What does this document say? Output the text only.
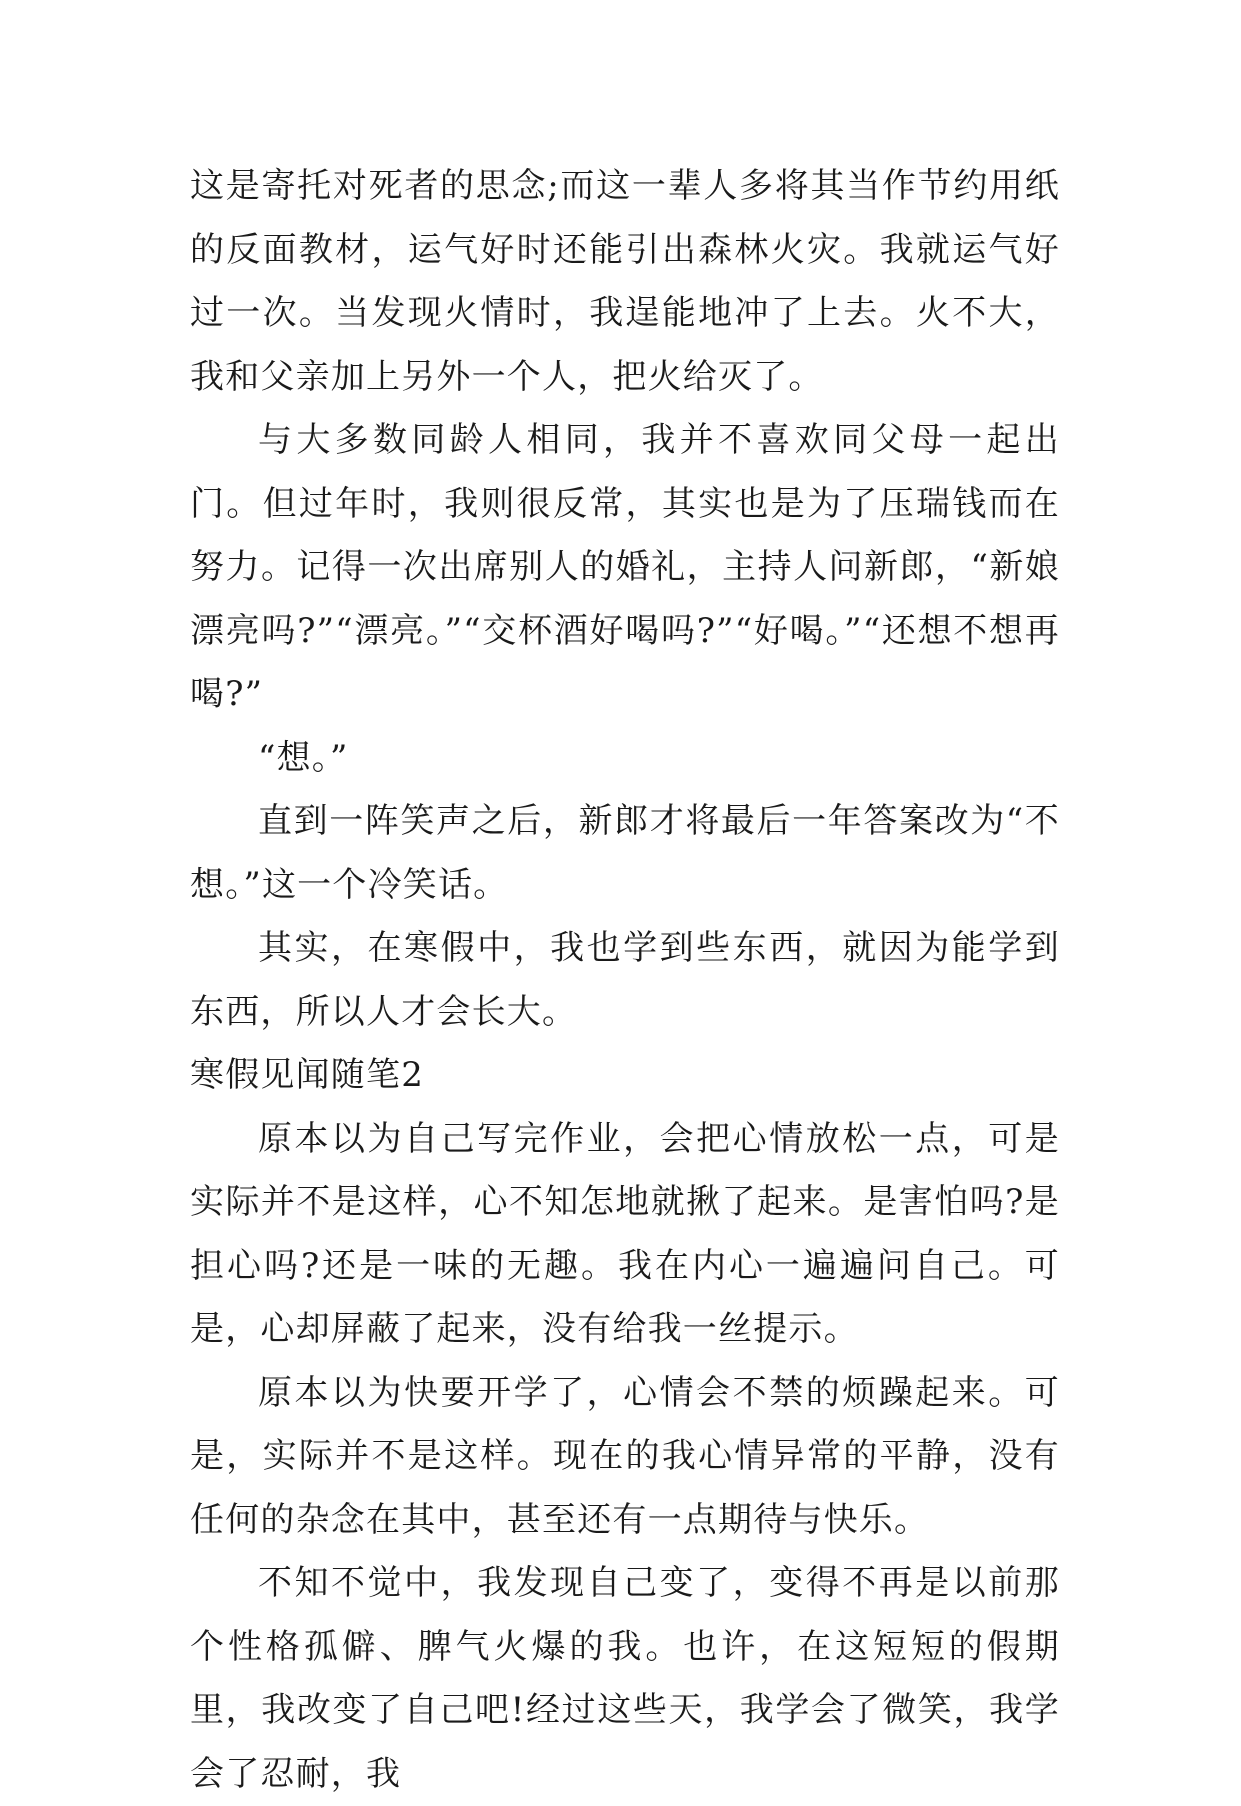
这是寄托对死者的思念;而这一辈人多将其当作节约用纸的反面教材，运气好时还能引出森林火灾。我就运气好过一次。当发现火情时，我逞能地冲了上去。火不大，我和父亲加上另外一个人，把火给灭了。

与大多数同龄人相同，我并不喜欢同父母一起出门。但过年时，我则很反常，其实也是为了压瑞钱而在努力。记得一次出席别人的婚礼，主持人问新郎，“新娘漂亮吗?”“漂亮。”“交杯酒好喝吗?”“好喝。”“还想不想再喝?”

“想。”

直到一阵笑声之后，新郎才将最后一年答案改为“不想。”这一个冷笑话。

其实，在寒假中，我也学到些东西，就因为能学到东西，所以人才会长大。

寒假见闻随笔2

原本以为自己写完作业，会把心情放松一点，可是实际并不是这样，心不知怎地就揪了起来。是害怕吗?是担心吗?还是一味的无趣。我在内心一遍遍问自己。可是，心却屏蔽了起来，没有给我一丝提示。

原本以为快要开学了，心情会不禁的烦躁起来。可是，实际并不是这样。现在的我心情异常的平静，没有任何的杂念在其中，甚至还有一点期待与快乐。

不知不觉中，我发现自己变了，变得不再是以前那个性格孤僻、脾气火爆的我。也许，在这短短的假期里，我改变了自己吧!经过这些天，我学会了微笑，我学会了忍耐，我
